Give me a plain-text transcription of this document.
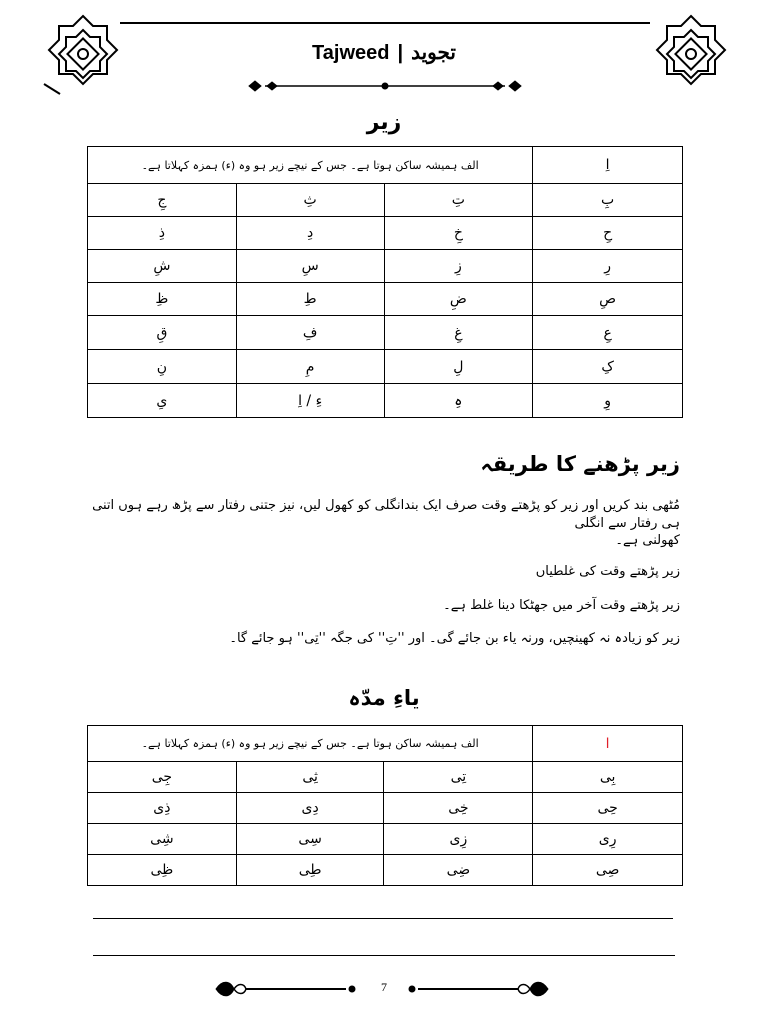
Tajweed | تجوید
زیر
الف ہمیشہ ساکن ہوتا ہے۔ جس کے نیچے زیر ہو وہ (ء) ہمزہ کہلاتا ہے۔			اِ
جِ	ثِ	تِ	بِ
ذِ	دِ	خِ	حِ
شِ	سِ	زِ	رِ
ظِ	طِ	ضِ	صِ
قِ	فِ	غِ	عِ
نِ	مِ	لِ	کِ
یِ	ءِ / اِ	ہِ	وِ
زیر پڑھنے کا طریقہ
مُٹھی بند کریں اور زیر کو پڑھتے وقت صرف ایک بندانگلی کو کھول لیں، نیز جتنی رفتار سے پڑھ رہے ہوں اتنی ہی رفتار سے انگلی
کھولنی ہے۔
زیر پڑھتے وقت کی غلطیاں
زیر پڑھتے وقت آخر میں جھٹکا دینا غلط ہے۔
زیر کو زیادہ نہ کھینچیں، ورنہ یاء بن جائے گی۔ اور ''تِ'' کی جگہ ''تِی'' ہو جائے گا۔
یاءِ مدّہ
الف ہمیشہ ساکن ہوتا ہے۔ جس کے نیچے زیر ہو وہ (ء) ہمزہ کہلاتا ہے۔			ا
جِی	ثِی	تِی	بِی
ذِی	دِی	خِی	حِی
شِی	سِی	زِی	رِی
ظِی	طِی	ضِی	صِی
7
